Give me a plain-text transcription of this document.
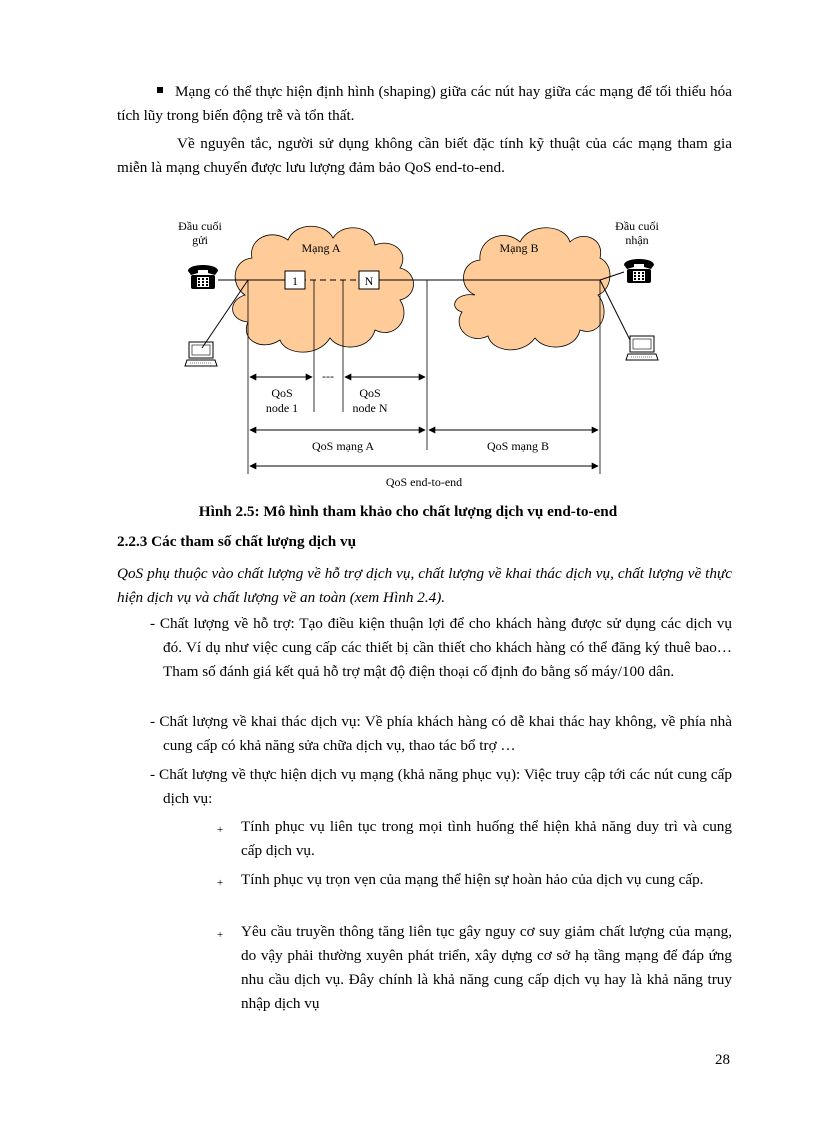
Mạng có thể thực hiện định hình (shaping) giữa các nút hay giữa các mạng để tối thiểu hóa tích lũy trong biến động trễ và tổn thất.
Về nguyên tắc, người sử dụng không cần biết đặc tính kỹ thuật của các mạng tham gia miễn là mạng chuyển được lưu lượng đảm bảo QoS end-to-end.
Mạng A	Mạng B
Đầu cuối
gửi
Đầu cuối
nhận
1	N
---
QoS
node 1
QoS
node N
QoS mạng A	QoS mạng B
QoS end-to-end
Hình 2.5: Mô hình tham khảo cho chất lượng dịch vụ end-to-end
2.2.3 Các tham số chất lượng dịch vụ
QoS phụ thuộc vào chất lượng về hỗ trợ dịch vụ, chất lượng về khai thác dịch vụ, chất lượng về thực hiện dịch vụ và chất lượng về an toàn (xem Hình 2.4).
- Chất lượng về hỗ trợ: Tạo điều kiện thuận lợi để cho khách hàng được sử dụng các dịch vụ đó. Ví dụ như việc cung cấp các thiết bị cần thiết cho khách hàng có thể đăng ký thuê bao… Tham số đánh giá kết quả hỗ trợ mật độ điện thoại cố định đo bằng số máy/100 dân.
- Chất lượng về khai thác dịch vụ: Về phía khách hàng có dễ khai thác hay không, về phía nhà cung cấp có khả năng sửa chữa dịch vụ, thao tác bổ trợ …
- Chất lượng về thực hiện dịch vụ mạng (khả năng phục vụ): Việc truy cập tới các nút cung cấp dịch vụ:
+ Tính phục vụ liên tục trong mọi tình huống thể hiện khả năng duy trì và cung cấp dịch vụ.
+ Tính phục vụ trọn vẹn của mạng thể hiện sự hoàn hảo của dịch vụ cung cấp.
+ Yêu cầu truyền thông tăng liên tục gây nguy cơ suy giảm chất lượng của mạng, do vậy phải thường xuyên phát triển, xây dựng cơ sở hạ tầng mạng để đáp ứng nhu cầu dịch vụ. Đây chính là khả năng cung cấp dịch vụ hay là khả năng truy nhập dịch vụ
28
